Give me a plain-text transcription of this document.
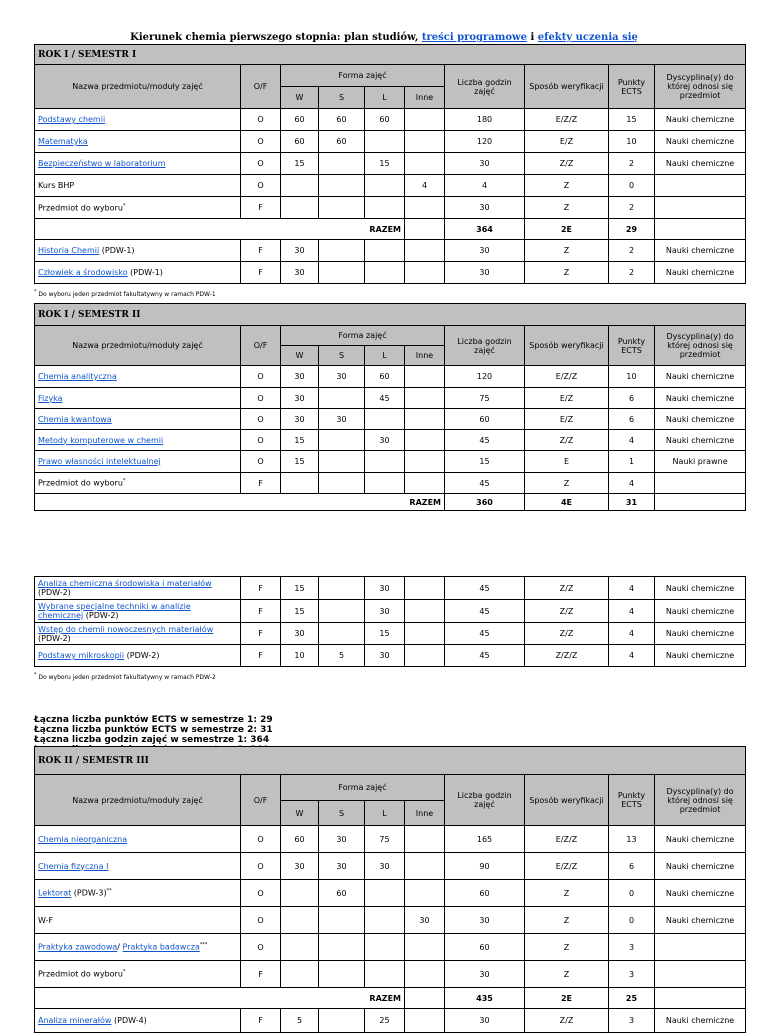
Kierunek chemia pierwszego stopnia: plan studiów, treści programowe i efekty uczenia się
ROK I / SEMESTR I									
Nazwa przedmiotu/moduły zajęć	O/F	Forma zajęć				Liczba godzin zajęć	Sposób weryfikacji	Punkty ECTS	Dyscyplina(y) do której odnosi się przedmiot
		W	S	L	Inne				
Podstawy chemii	O	60	60	60		180	E/Z/Z	15	Nauki chemiczne
Matematyka	O	60	60			120	E/Z	10	Nauki chemiczne
Bezpieczeństwo w laboratorium	O	15		15		30	Z/Z	2	Nauki chemiczne
Kurs BHP	O				4	4	Z	0	
Przedmiot do wyboru*	F					30	Z	2	
RAZEM						364	2E	29	
Historia Chemii (PDW-1)	F	30				30	Z	2	Nauki chemiczne
Człowiek a środowisko (PDW-1)	F	30				30	Z	2	Nauki chemiczne
* Do wyboru jeden przedmiot fakultatywny w ramach PDW-1
ROK I / SEMESTR II									
Nazwa przedmiotu/moduły zajęć	O/F	Forma zajęć				Liczba godzin zajęć	Sposób weryfikacji	Punkty ECTS	Dyscyplina(y) do której odnosi się przedmiot
		W	S	L	Inne				
Chemia analityczna	O	30	30	60		120	E/Z/Z	10	Nauki chemiczne
Fizyka	O	30		45		75	E/Z	6	Nauki chemiczne
Chemia kwantowa	O	30	30			60	E/Z	6	Nauki chemiczne
Metody komputerowe w chemii	O	15		30		45	Z/Z	4	Nauki chemiczne
Prawo własności intelektualnej	O	15				15	E	1	Nauki prawne
Przedmiot do wyboru*	F					45	Z	4	
RAZEM						360	4E	31	
Analiza chemiczna środowiska i materiałów
(PDW-2)	F	15		30		45	Z/Z	4	Nauki chemiczne
Wybrane specjalne techniki w analizie
chemicznej (PDW-2)	F	15		30		45	Z/Z	4	Nauki chemiczne
Wstęp do chemii nowoczesnych materiałów
(PDW-2)	F	30		15		45	Z/Z	4	Nauki chemiczne
Podstawy mikroskopii (PDW-2)	F	10	5	30		45	Z/Z/Z	4	Nauki chemiczne
* Do wyboru jeden przedmiot fakultatywny w ramach PDW-2
Łączna liczba punktów ECTS w semestrze 1: 29
Łączna liczba punktów ECTS w semestrze 2: 31
Łączna liczba godzin zajęć w semestrze 1: 364
ROK II / SEMESTR III									
Nazwa przedmiotu/moduły zajęć	O/F	Forma zajęć				Liczba godzin zajęć	Sposób weryfikacji	Punkty ECTS	Dyscyplina(y) do której odnosi się przedmiot
		W	S	L	Inne				
Chemia nieorganiczna	O	60	30	75		165	E/Z/Z	13	Nauki chemiczne
Chemia fizyczna I	O	30	30	30		90	E/Z/Z	6	Nauki chemiczne
Lektorat (PDW-3)**	O		60			60	Z	0	Nauki chemiczne
W-F	O				30	30	Z	0	Nauki chemiczne
Praktyka zawodowa/ Praktyka badawcza***	O					60	Z	3	
Przedmiot do wyboru*	F					30	Z	3	
RAZEM						435	2E	25	
Analiza minerałów (PDW-4)	F	5		25		30	Z/Z	3	Nauki chemiczne
